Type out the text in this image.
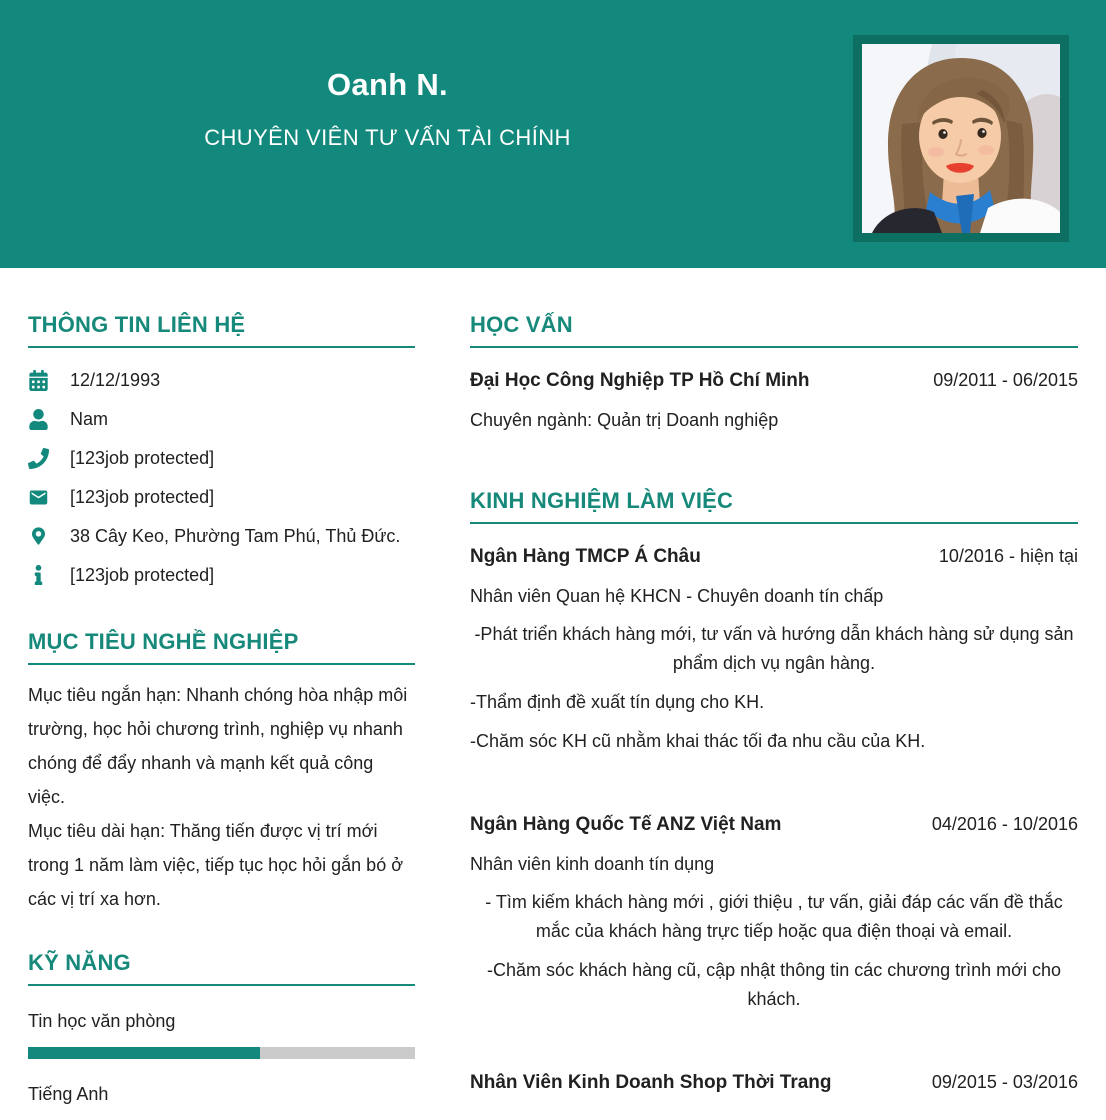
Oanh N.
CHUYÊN VIÊN TƯ VẤN TÀI CHÍNH
THÔNG TIN LIÊN HỆ
12/12/1993
Nam
[123job protected]
[123job protected]
38 Cây Keo, Phường Tam Phú, Thủ Đức.
[123job protected]
MỤC TIÊU NGHỀ NGHIỆP

Mục tiêu ngắn hạn: Nhanh chóng hòa nhập môi trường, học hỏi chương trình, nghiệp vụ nhanh chóng để đẩy nhanh và mạnh kết quả công việc.

Mục tiêu dài hạn: Thăng tiến được vị trí mới trong 1 năm làm việc, tiếp tục học hỏi gắn bó ở các vị trí xa hơn.

KỸ NĂNG
Tin học văn phòng
Tiếng Anh
HỌC VẤN
Đại Học Công Nghiệp TP Hồ Chí Minh	09/2011 - 06/2015
Chuyên ngành: Quản trị Doanh nghiệp
KINH NGHIỆM LÀM VIỆC
Ngân Hàng TMCP Á Châu	10/2016 - hiện tại
Nhân viên Quan hệ KHCN - Chuyên doanh tín chấp

-Phát triển khách hàng mới, tư vấn và hướng dẫn khách hàng sử dụng sản phẩm dịch vụ ngân hàng.

-Thẩm định đề xuất tín dụng cho KH.

-Chăm sóc KH cũ nhằm khai thác tối đa nhu cầu của KH.

Ngân Hàng Quốc Tế ANZ Việt Nam	04/2016 - 10/2016
Nhân viên kinh doanh tín dụng

- Tìm kiếm khách hàng mới , giới thiệu , tư vấn, giải đáp các vấn đề thắc mắc của khách hàng trực tiếp hoặc qua điện thoại và email.

-Chăm sóc khách hàng cũ, cập nhật thông tin các chương trình mới cho khách.

Nhân Viên Kinh Doanh Shop Thời Trang	09/2015 - 03/2016
